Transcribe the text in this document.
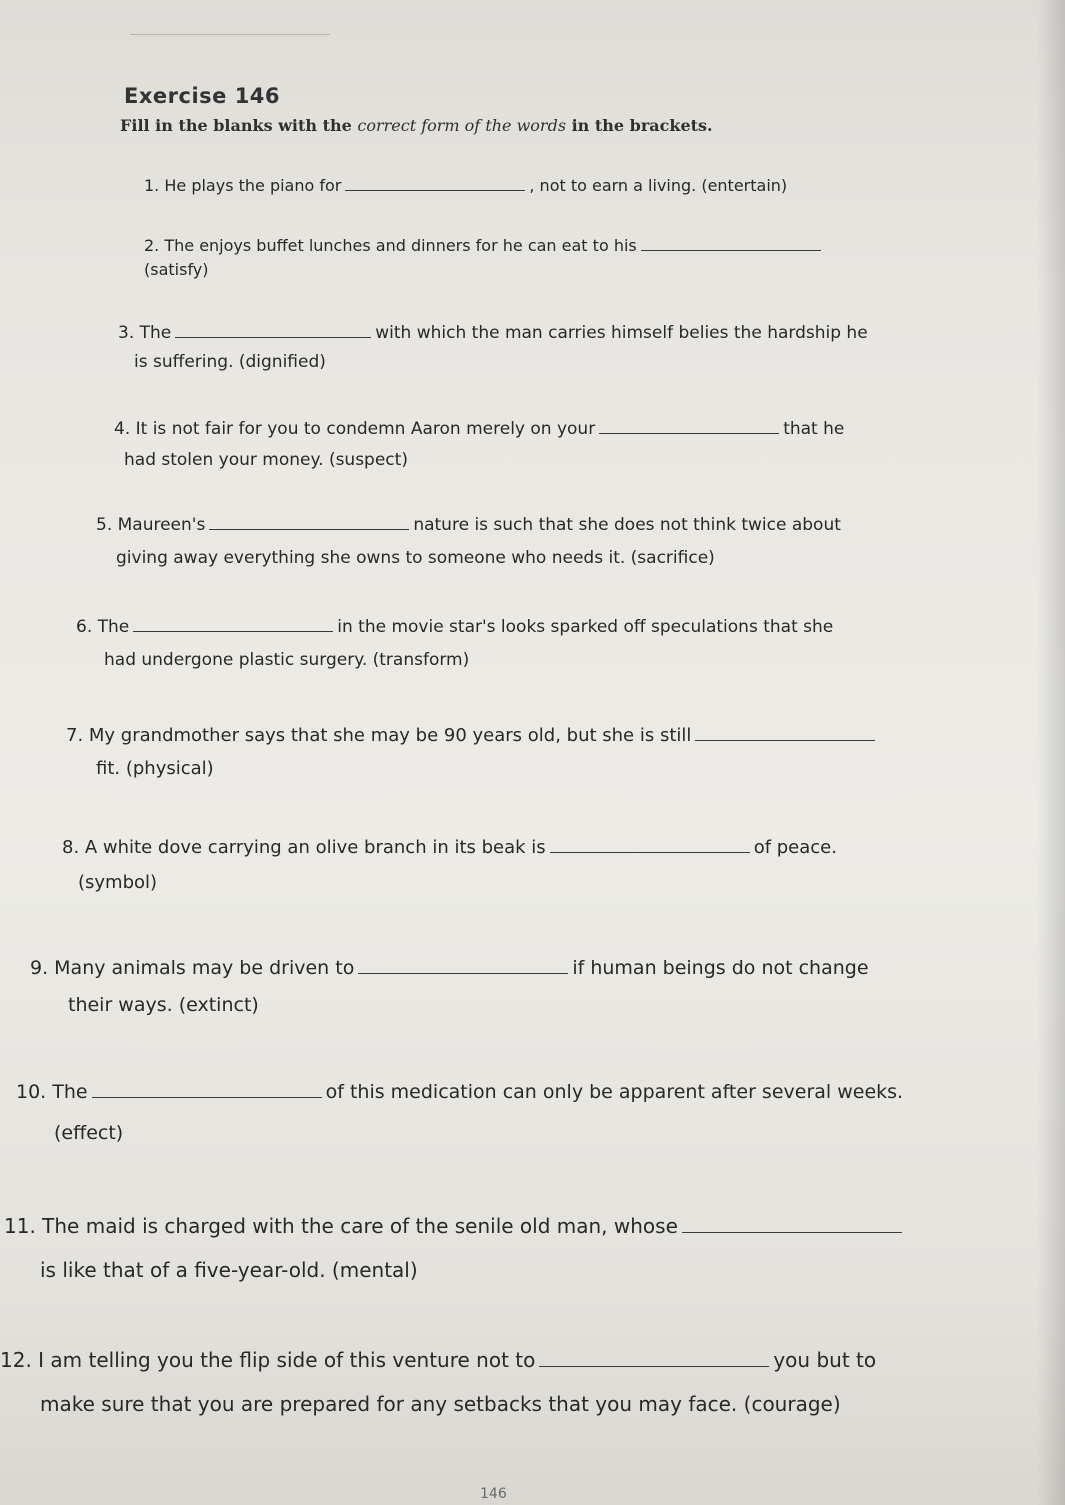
Exercise 146
Fill in the blanks with the correct form of the words in the brackets.
1. He plays the piano for	, not to earn a living. (entertain)
2. The enjoys buffet lunches and dinners for he can eat to his
(satisfy)
3. The	with which the man carries himself belies the hardship he
is suffering. (dignified)
4. It is not fair for you to condemn Aaron merely on your	that he
had stolen your money. (suspect)
5. Maureen's	nature is such that she does not think twice about
giving away everything she owns to someone who needs it. (sacrifice)
6. The	in the movie star's looks sparked off speculations that she
had undergone plastic surgery. (transform)
7. My grandmother says that she may be 90 years old, but she is still
fit. (physical)
8. A white dove carrying an olive branch in its beak is	of peace.
(symbol)
9. Many animals may be driven to	if human beings do not change
their ways. (extinct)
10. The	of this medication can only be apparent after several weeks.
(effect)
11. The maid is charged with the care of the senile old man, whose
is like that of a five-year-old. (mental)
12. I am telling you the flip side of this venture not to	you but to
make sure that you are prepared for any setbacks that you may face. (courage)
146
